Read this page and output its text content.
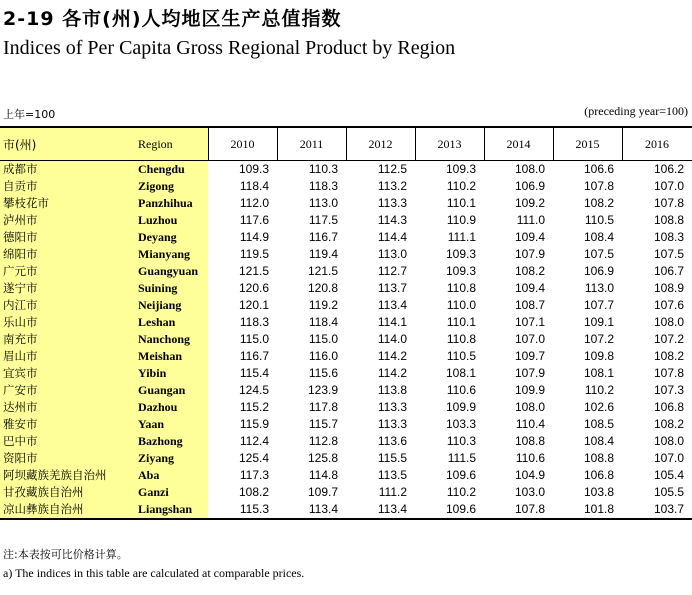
2-19 各市(州)人均地区生产总值指数
Indices of Per Capita Gross Regional Product by Region
上年=100	(preceding year=100)
市(州)	Region	2010	2011	2012	2013	2014	2015	2016
成都市	Chengdu	109.3	110.3	112.5	109.3	108.0	106.6	106.2
自贡市	Zigong	118.4	118.3	113.2	110.2	106.9	107.8	107.0
攀枝花市	Panzhihua	112.0	113.0	113.3	110.1	109.2	108.2	107.8
泸州市	Luzhou	117.6	117.5	114.3	110.9	111.0	110.5	108.8
德阳市	Deyang	114.9	116.7	114.4	111.1	109.4	108.4	108.3
绵阳市	Mianyang	119.5	119.4	113.0	109.3	107.9	107.5	107.5
广元市	Guangyuan	121.5	121.5	112.7	109.3	108.2	106.9	106.7
遂宁市	Suining	120.6	120.8	113.7	110.8	109.4	113.0	108.9
内江市	Neijiang	120.1	119.2	113.4	110.0	108.7	107.7	107.6
乐山市	Leshan	118.3	118.4	114.1	110.1	107.1	109.1	108.0
南充市	Nanchong	115.0	115.0	114.0	110.8	107.0	107.2	107.2
眉山市	Meishan	116.7	116.0	114.2	110.5	109.7	109.8	108.2
宜宾市	Yibin	115.4	115.6	114.2	108.1	107.9	108.1	107.8
广安市	Guangan	124.5	123.9	113.8	110.6	109.9	110.2	107.3
达州市	Dazhou	115.2	117.8	113.3	109.9	108.0	102.6	106.8
雅安市	Yaan	115.9	115.7	113.3	103.3	110.4	108.5	108.2
巴中市	Bazhong	112.4	112.8	113.6	110.3	108.8	108.4	108.0
资阳市	Ziyang	125.4	125.8	115.5	111.5	110.6	108.8	107.0
阿坝藏族羌族自治州	Aba	117.3	114.8	113.5	109.6	104.9	106.8	105.4
甘孜藏族自治州	Ganzi	108.2	109.7	111.2	110.2	103.0	103.8	105.5
凉山彝族自治州	Liangshan	115.3	113.4	113.4	109.6	107.8	101.8	103.7
注:本表按可比价格计算。
a) The indices in this table are calculated at comparable prices.
